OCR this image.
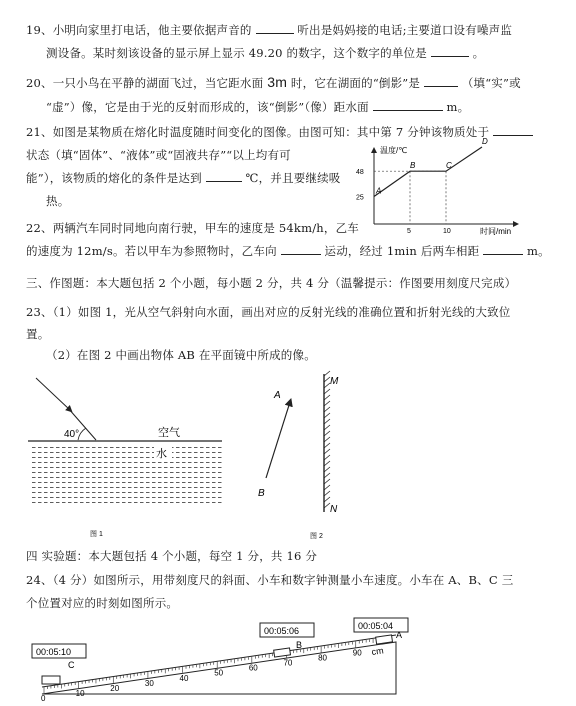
19、小明向家里打电话，他主要依据声音的	听出是妈妈接的电话;主要道口设有噪声监
测设备。某时刻该设备的显示屏上显示 49.20 的数字，这个数字的单位是	。
20、一只小鸟在平静的湖面飞过，当它距水面 3m 时，它在湖面的“倒影”是	（填“实”或
“虚”）像，它是由于光的反射而形成的，该“倒影”（像）距水面	m。
21、如图是某物质在熔化时温度随时间变化的图像。由图可知：其中第 7 分钟该物质处于
状态（填“固体”、“液体”或“固液共存”“以上均有可
能”），该物质的熔化的条件是达到	℃，并且要继续吸
热。
温度/℃
时间/min
A
B	C
D
48
25
5	10
22、两辆汽车同时同地向南行驶，甲车的速度是 54km/h，乙车
的速度为 12m/s。若以甲车为参照物时，乙车向	运动，经过 1min 后两车相距	m。
三、作图题：本大题包括 2 个小题，每小题 2 分，共 4 分（温馨提示：作图要用刻度尺完成）
23、（1）如图 1，光从空气斜射向水面，画出对应的反射光线的准确位置和折射光线的大致位
置。
（2）在图 2 中画出物体 AB 在平面镜中所成的像。
40°	空气
水
图 1
A
B
M
N
图 2
四 实验题：本大题包括 4 个小题，每空 1 分，共 16 分
24、（4 分）如图所示，用带刻度尺的斜面、小车和数字钟测量小车速度。小车在 A、B、C 三
个位置对应的时刻如图所示。
0
10
20
30
40
50
60
70
80
90 cm
00:05:10
C
00:05:06
B
00:05:04
A
